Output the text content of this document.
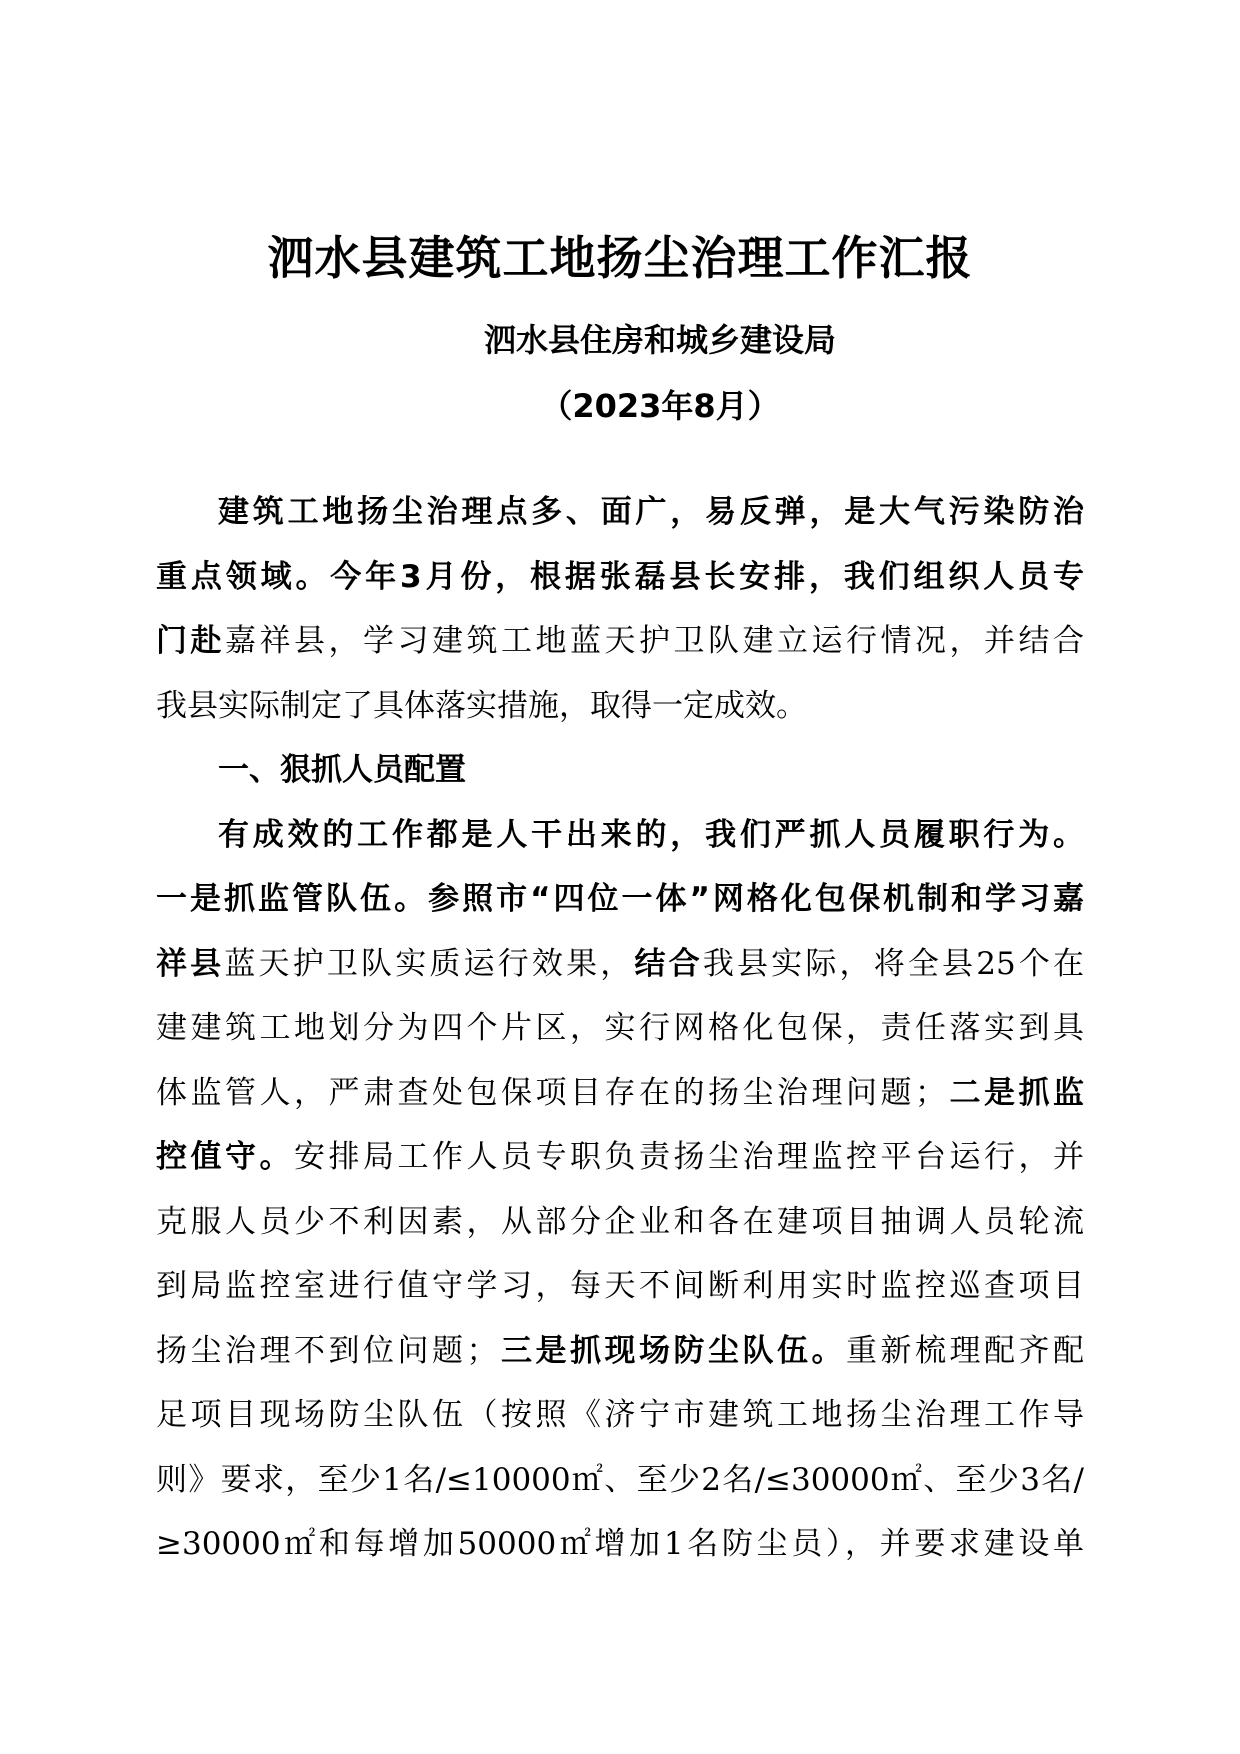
泗水县建筑工地扬尘治理工作汇报
泗水县住房和城乡建设局
（2023年8月）
建筑工地扬尘治理点多、面广，易反弹，是大气污染防治
重点领域。今年3月份，根据张磊县长安排，我们组织人员专
门赴嘉祥县，学习建筑工地蓝天护卫队建立运行情况，并结合
我县实际制定了具体落实措施，取得一定成效。
一、狠抓人员配置
有成效的工作都是人干出来的，我们严抓人员履职行为。
一是抓监管队伍。参照市“四位一体”网格化包保机制和学习嘉
祥县蓝天护卫队实质运行效果，结合我县实际，将全县25个在
建建筑工地划分为四个片区，实行网格化包保，责任落实到具
体监管人，严肃查处包保项目存在的扬尘治理问题；二是抓监
控值守。安排局工作人员专职负责扬尘治理监控平台运行，并
克服人员少不利因素，从部分企业和各在建项目抽调人员轮流
到局监控室进行值守学习，每天不间断利用实时监控巡查项目
扬尘治理不到位问题；三是抓现场防尘队伍。重新梳理配齐配
足项目现场防尘队伍（按照《济宁市建筑工地扬尘治理工作导
则》要求，至少1名/≤10000㎡、至少2名/≤30000㎡、至少3名/
≥30000㎡和每增加50000㎡增加1名防尘员），并要求建设单
